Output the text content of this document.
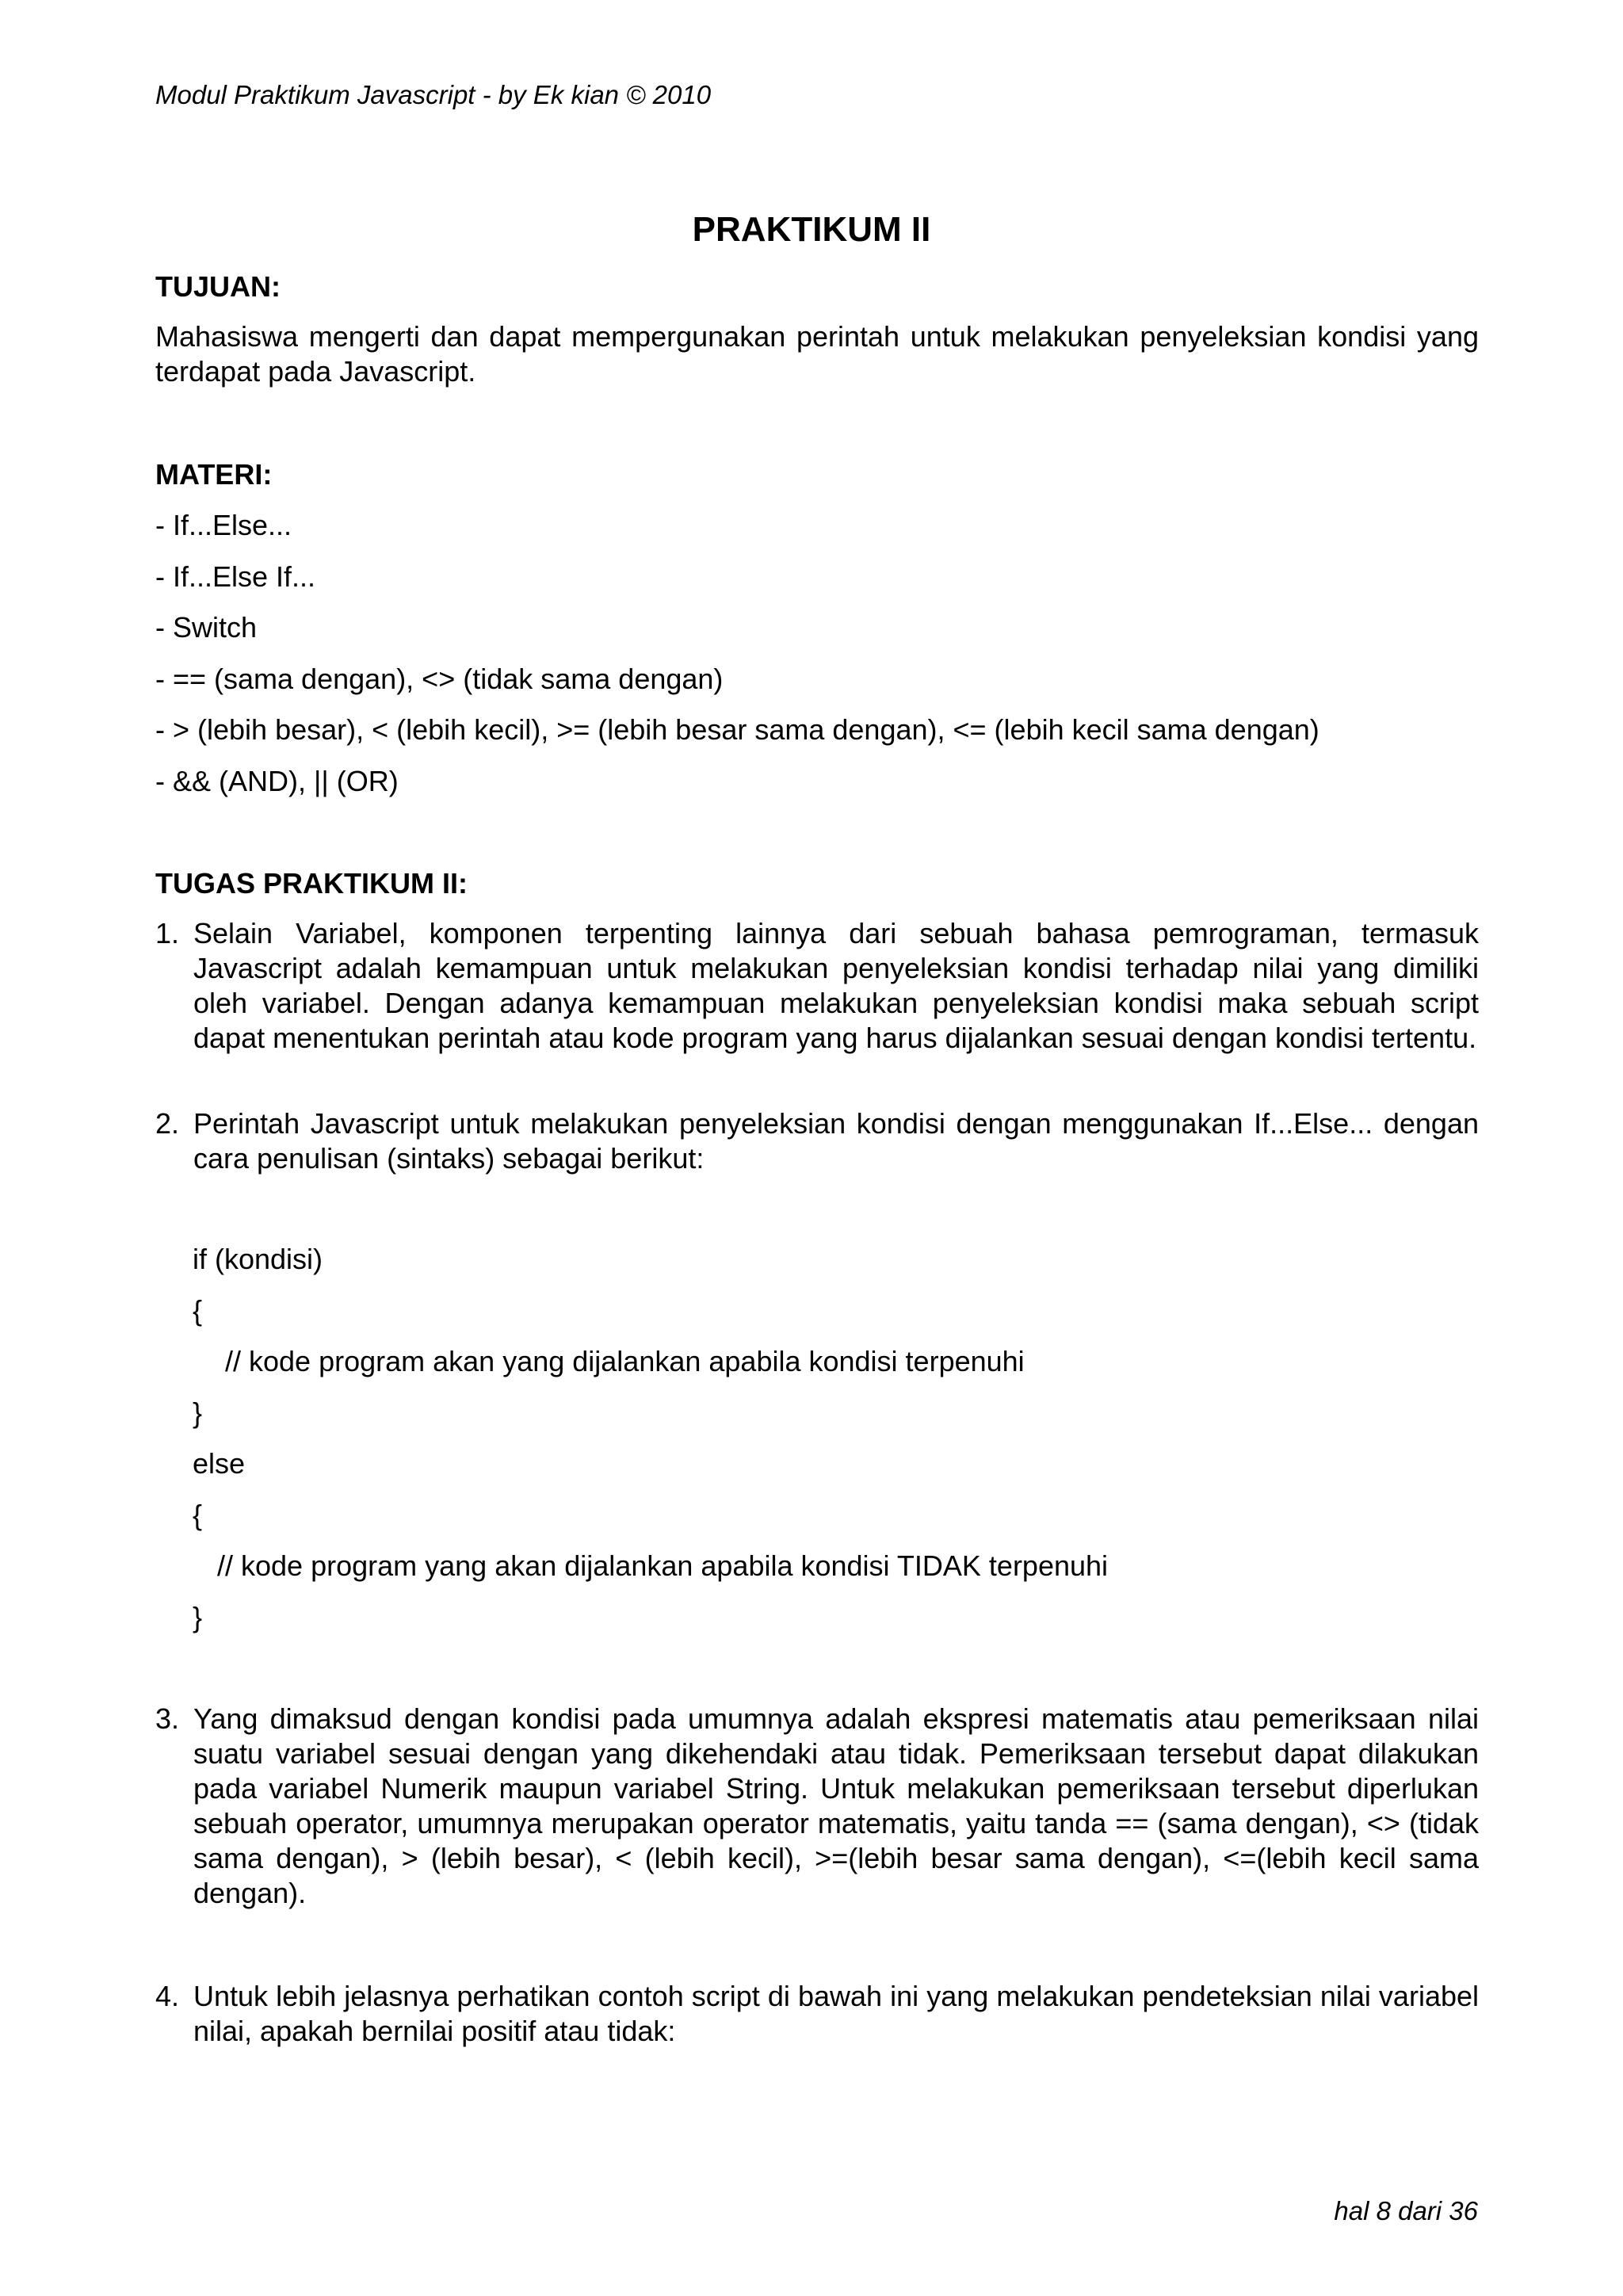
Modul Praktikum Javascript - by Ek kian © 2010
PRAKTIKUM II
TUJUAN:
Mahasiswa mengerti dan dapat mempergunakan perintah untuk melakukan penyeleksian kondisi yang terdapat pada Javascript.
MATERI:
- If...Else...
- If...Else If...
- Switch
- == (sama dengan), <> (tidak sama dengan)
- > (lebih besar), < (lebih kecil), >= (lebih besar sama dengan), <= (lebih kecil sama dengan)
- && (AND), || (OR)
TUGAS PRAKTIKUM II:
1. Selain Variabel, komponen terpenting lainnya dari sebuah bahasa pemrograman, termasuk Javascript adalah kemampuan untuk melakukan penyeleksian kondisi terhadap nilai yang dimiliki oleh variabel. Dengan adanya kemampuan melakukan penyeleksian kondisi maka sebuah script dapat menentukan perintah atau kode program yang harus dijalankan sesuai dengan kondisi tertentu.
2. Perintah Javascript untuk melakukan penyeleksian kondisi dengan menggunakan If...Else... dengan cara penulisan (sintaks) sebagai berikut:
if (kondisi)
{
// kode program akan yang dijalankan apabila kondisi terpenuhi
}
else
{
// kode program yang akan dijalankan apabila kondisi TIDAK terpenuhi
}
3. Yang dimaksud dengan kondisi pada umumnya adalah ekspresi matematis atau pemeriksaan nilai suatu variabel sesuai dengan yang dikehendaki atau tidak. Pemeriksaan tersebut dapat dilakukan pada variabel Numerik maupun variabel String. Untuk melakukan pemeriksaan tersebut diperlukan sebuah operator, umumnya merupakan operator matematis, yaitu tanda == (sama dengan), <> (tidak sama dengan), > (lebih besar), < (lebih kecil), >=(lebih besar sama dengan), <=(lebih kecil sama dengan).
4. Untuk lebih jelasnya perhatikan contoh script di bawah ini yang melakukan pendeteksian nilai variabel nilai, apakah bernilai positif atau tidak:
hal 8 dari 36
